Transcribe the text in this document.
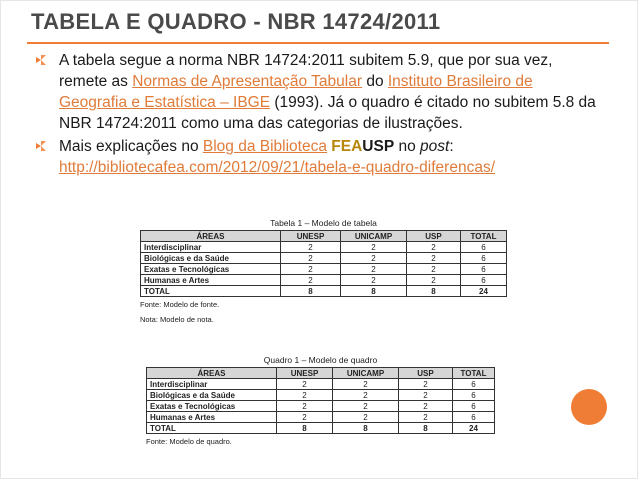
TABELA E QUADRO - NBR 14724/2011
A tabela segue a norma NBR 14724:2011 subitem 5.9, que por sua vez, remete as Normas de Apresentação Tabular do Instituto Brasileiro de Geografia e Estatística – IBGE (1993). Já o quadro é citado no subitem 5.8 da NBR 14724:2011 como uma das categorias de ilustrações.
Mais explicações no Blog da Biblioteca FEAUSP no post:
http://bibliotecafea.com/2012/09/21/tabela-e-quadro-diferencas/
Tabela 1 – Modelo de tabela
ÁREAS	UNESP	UNICAMP	USP	TOTAL
Interdisciplinar	2	2	2	6
Biológicas e da Saúde	2	2	2	6
Exatas e Tecnológicas	2	2	2	6
Humanas e Artes	2	2	2	6
TOTAL	8	8	8	24
Fonte: Modelo de fonte.
Nota: Modelo de nota.
Quadro 1 – Modelo de quadro
ÁREAS	UNESP	UNICAMP	USP	TOTAL
Interdisciplinar	2	2	2	6
Biológicas e da Saúde	2	2	2	6
Exatas e Tecnológicas	2	2	2	6
Humanas e Artes	2	2	2	6
TOTAL	8	8	8	24
Fonte: Modelo de quadro.
